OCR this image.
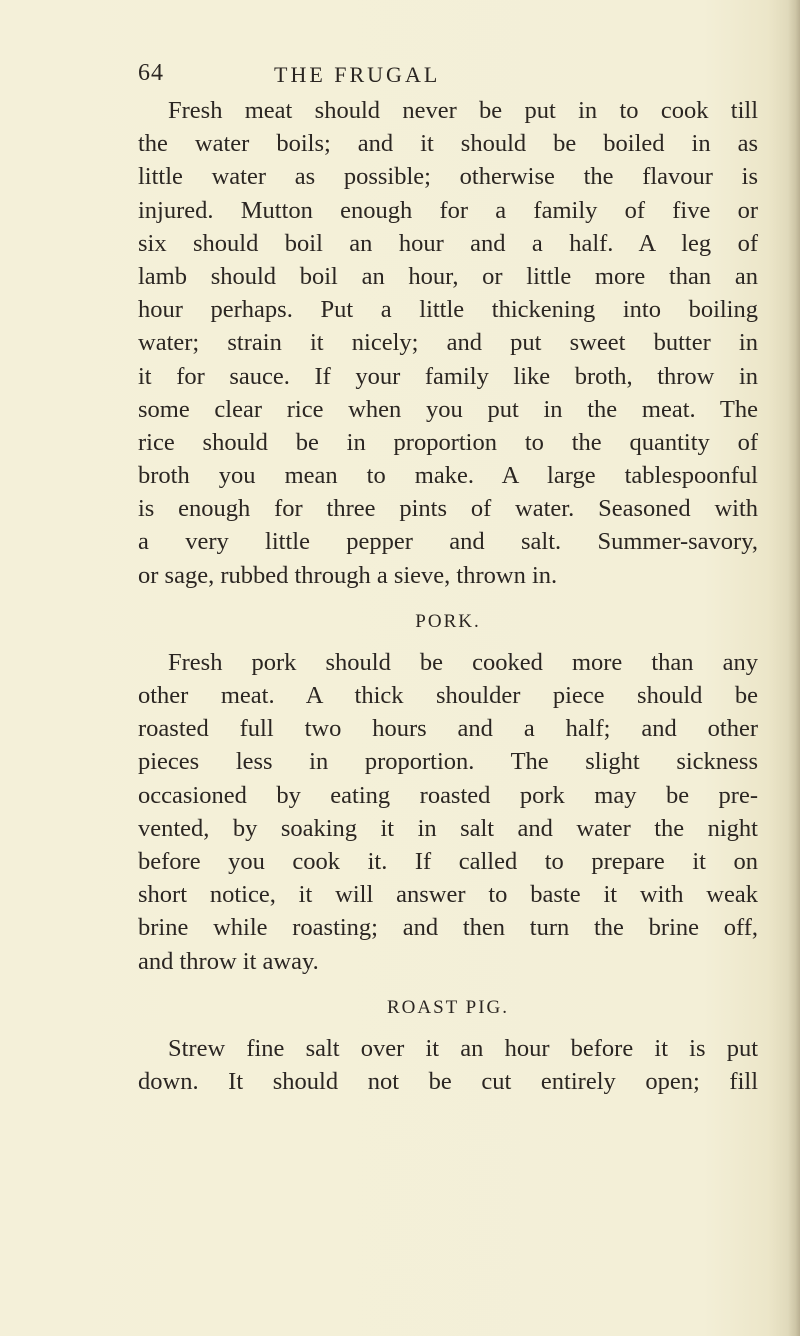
64	THE FRUGAL
Fresh meat should never be put in to cook till
the water boils; and it should be boiled in as
little water as possible; otherwise the flavour is
injured. Mutton enough for a family of five or
six should boil an hour and a half. A leg of
lamb should boil an hour, or little more than an
hour perhaps. Put a little thickening into boiling
water; strain it nicely; and put sweet butter in
it for sauce. If your family like broth, throw in
some clear rice when you put in the meat. The
rice should be in proportion to the quantity of
broth you mean to make. A large tablespoonful
is enough for three pints of water. Seasoned with
a very little pepper and salt. Summer-savory,
or sage, rubbed through a sieve, thrown in.
PORK.
Fresh pork should be cooked more than any
other meat. A thick shoulder piece should be
roasted full two hours and a half; and other
pieces less in proportion. The slight sickness
occasioned by eating roasted pork may be pre-
vented, by soaking it in salt and water the night
before you cook it. If called to prepare it on
short notice, it will answer to baste it with weak
brine while roasting; and then turn the brine off,
and throw it away.
ROAST PIG.
Strew fine salt over it an hour before it is put
down. It should not be cut entirely open; fill
